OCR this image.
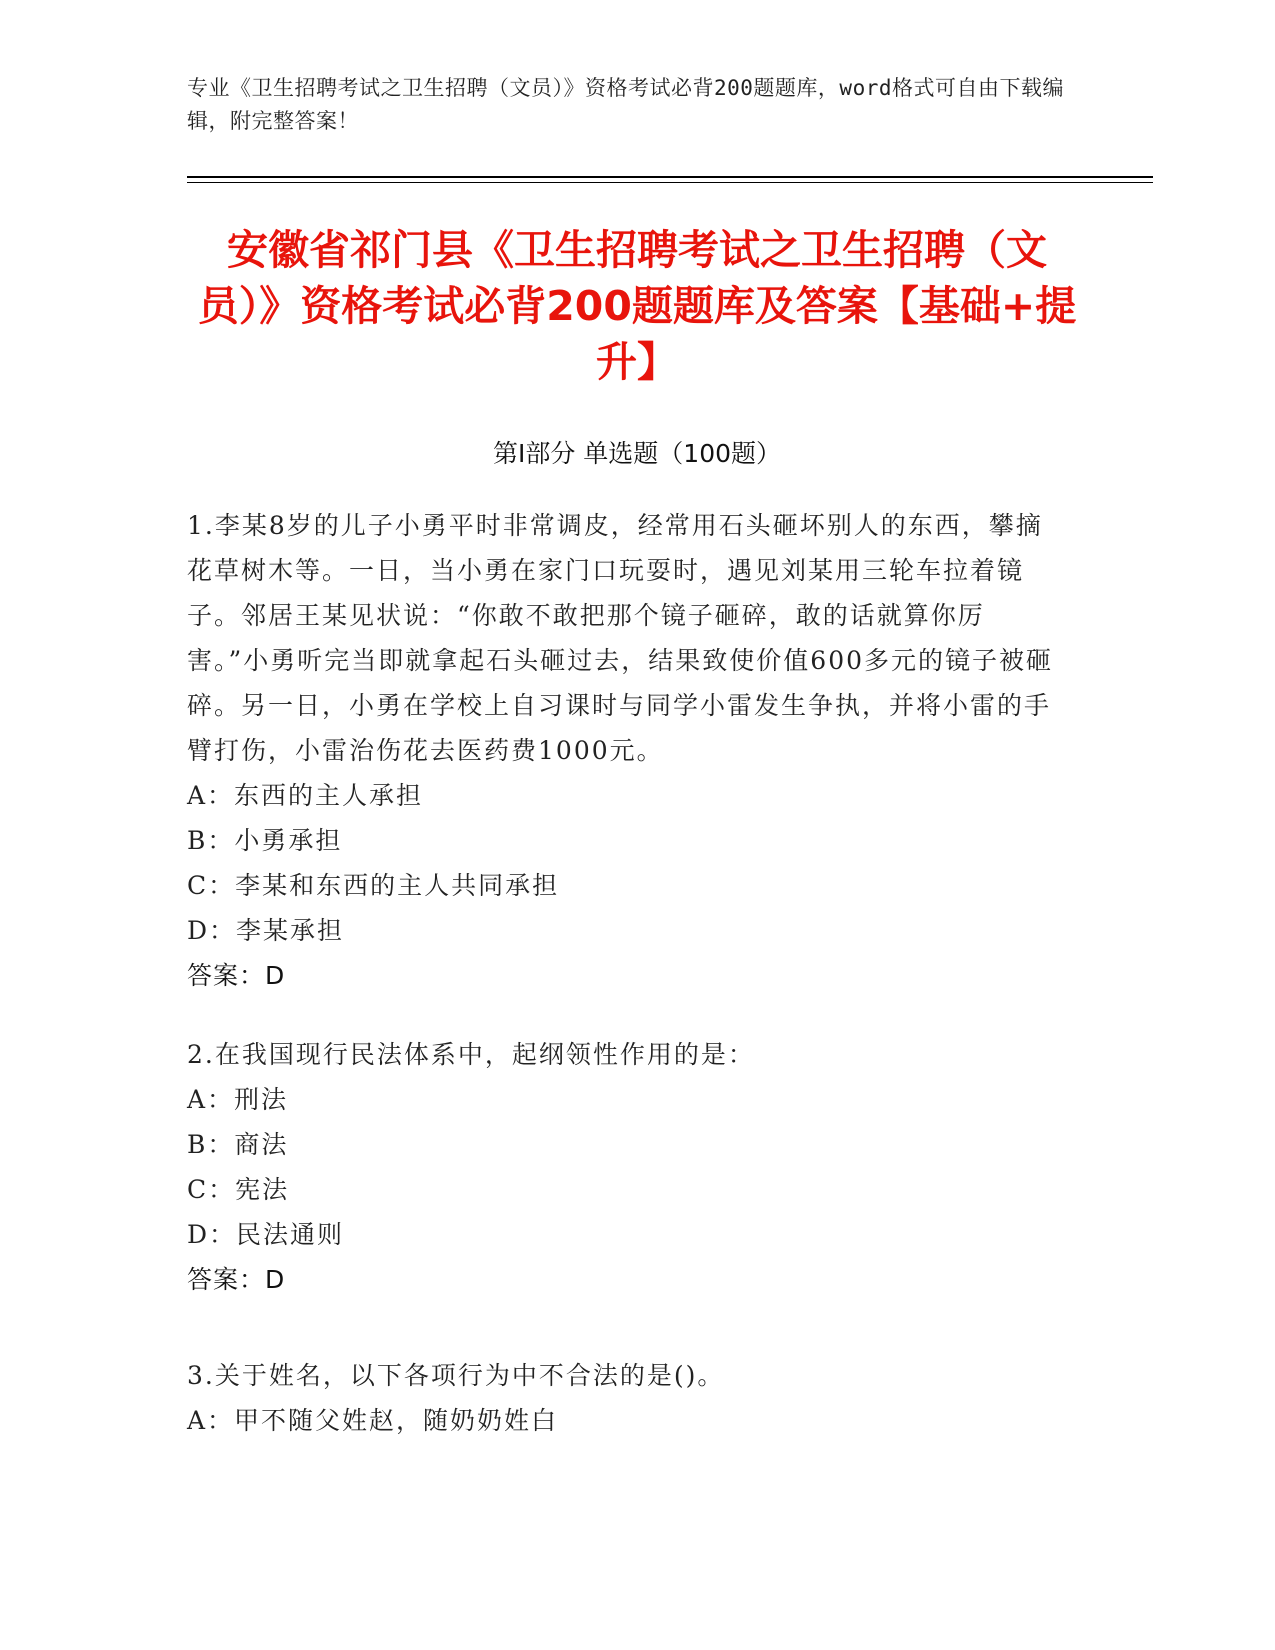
专业《卫生招聘考试之卫生招聘（文员）》资格考试必背200题题库，word格式可自由下载编辑，附完整答案！
安徽省祁门县《卫生招聘考试之卫生招聘（文员）》资格考试必背200题题库及答案【基础+提升】
第I部分 单选题（100题）

1.李某8岁的儿子小勇平时非常调皮，经常用石头砸坏别人的东西，攀摘花草树木等。一日，当小勇在家门口玩耍时，遇见刘某用三轮车拉着镜子。邻居王某见状说：“你敢不敢把那个镜子砸碎，敢的话就算你厉害。”小勇听完当即就拿起石头砸过去，结果致使价值600多元的镜子被砸碎。另一日，小勇在学校上自习课时与同学小雷发生争执，并将小雷的手臂打伤，小雷治伤花去医药费1000元。

A：东西的主人承担

B：小勇承担

C：李某和东西的主人共同承担

D：李某承担

答案：D

2.在我国现行民法体系中，起纲领性作用的是：

A：刑法

B：商法

C：宪法

D：民法通则

答案：D

3.关于姓名，以下各项行为中不合法的是()。

A：甲不随父姓赵，随奶奶姓白
